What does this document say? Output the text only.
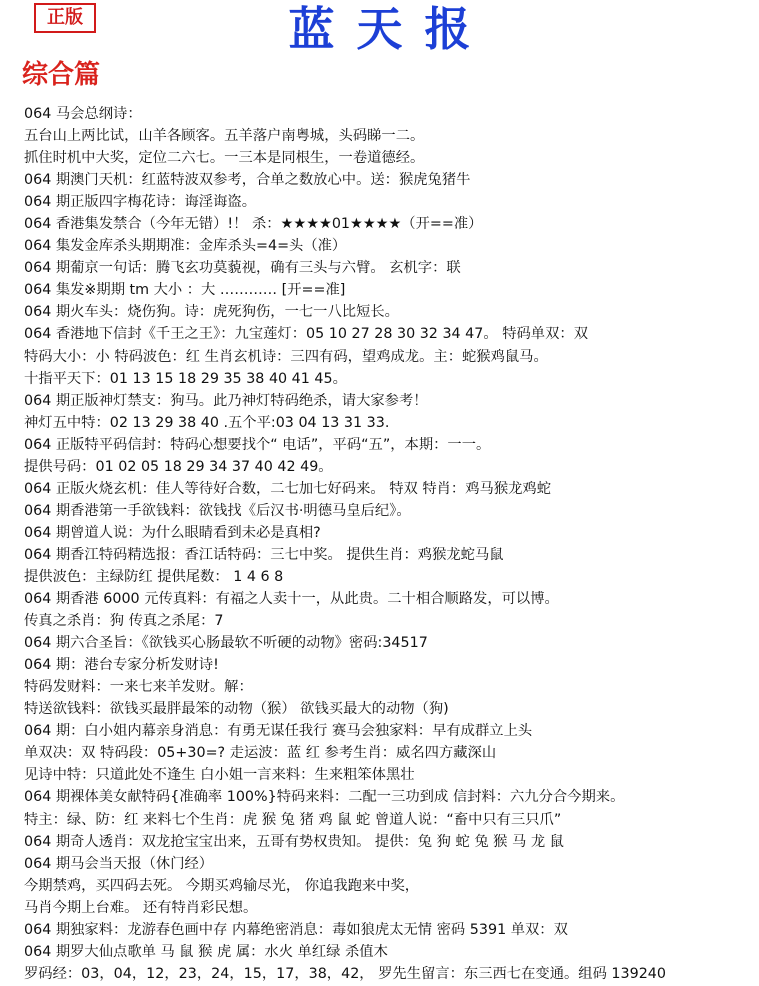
正版	蓝天报
综合篇
064 马会总纲诗：
五台山上两比试，山羊各顾客。五羊落户南粤城，头码睇一二。
抓住时机中大奖，定位二六七。一三本是同根生，一卷道德经。
064 期澳门天机：红蓝特波双参考，合单之数放心中。送：猴虎兔猪牛
064 期正版四字梅花诗：诲淫诲盗。
064 香港集发禁合（今年无错）!！ 杀：★★★★01★★★★（开==准）
064 集发金库杀头期期准：金库杀头=4=头（准）
064 期葡京一句话：腾飞玄功莫藐视，确有三头与六臂。 玄机字：联
064 集发※期期 tm 大小 ：大 ………… [开==准]
064 期火车头：烧伤狗。诗：虎死狗伤，一七一八比短长。
064 香港地下信封《千王之王》：九宝莲灯：05 10 27 28 30 32 34 47。 特码单双：双
特码大小：小 特码波色：红 生肖玄机诗：三四有码，望鸡成龙。主：蛇猴鸡鼠马。
十指平天下：01 13 15 18 29 35 38 40 41 45。
064 期正版神灯禁支：狗马。此乃神灯特码绝杀，请大家参考！
神灯五中特：02 13 29 38 40 .五个平:03 04 13 31 33.
064 正版特平码信封：特码心想要找个“ 电话”，平码“五”，本期：一一。
提供号码：01 02 05 18 29 34 37 40 42 49。
064 正版火烧玄机：佳人等待好合数，二七加七好码来。 特双 特肖：鸡马猴龙鸡蛇
064 期香港第一手欲钱料：欲钱找《后汉书·明德马皇后纪》。
064 期曾道人说：为什么眼睛看到未必是真相?
064 期香江特码精选报：香江话特码：三七中奖。 提供生肖：鸡猴龙蛇马鼠
提供波色：主绿防红 提供尾数： 1 4 6 8
064 期香港 6000 元传真料：有福之人卖十一，从此贵。二十相合顺路发，可以博。
传真之杀肖：狗 传真之杀尾：7
064 期六合圣旨：《欲钱买心肠最软不听硬的动物》密码:34517
064 期：港台专家分析发财诗!
特码发财料：一来七来羊发财。解：
特送欲钱料：欲钱买最胖最笨的动物（猴） 欲钱买最大的动物（狗)
064 期：白小姐内幕亲身消息：有勇无谋任我行 赛马会独家料：早有成群立上头
单双决：双 特码段：05+30=? 走运波：蓝 红 参考生肖：威名四方藏深山
见诗中特：只道此处不逢生 白小姐一言来料：生来粗笨体黑壮
064 期裸体美女献特码{准确率 100%}特码来料：二配一三功到成 信封料：六九分合今期来。
特主：绿、防：红 来料七个生肖：虎 猴 兔 猪 鸡 鼠 蛇 曾道人说：“畜中只有三只爪”
064 期奇人透肖：双龙抢宝宝出来，五哥有势权贵知。 提供：兔 狗 蛇 兔 猴 马 龙 鼠
064 期马会当天报（休门经）
今期禁鸡，买四码去死。 今期买鸡输尽光， 你追我跑来中奖，
马肖今期上台难。 还有特肖彩民想。
064 期独家料：龙游春色画中存 内幕绝密消息：毒如狼虎太无情 密码 5391 单双：双
064 期罗大仙点歌单 马 鼠 猴 虎 属：水火 单红绿 杀值木
罗码经：03，04，12，23，24，15，17，38，42， 罗先生留言：东三西七在变通。组码 139240
